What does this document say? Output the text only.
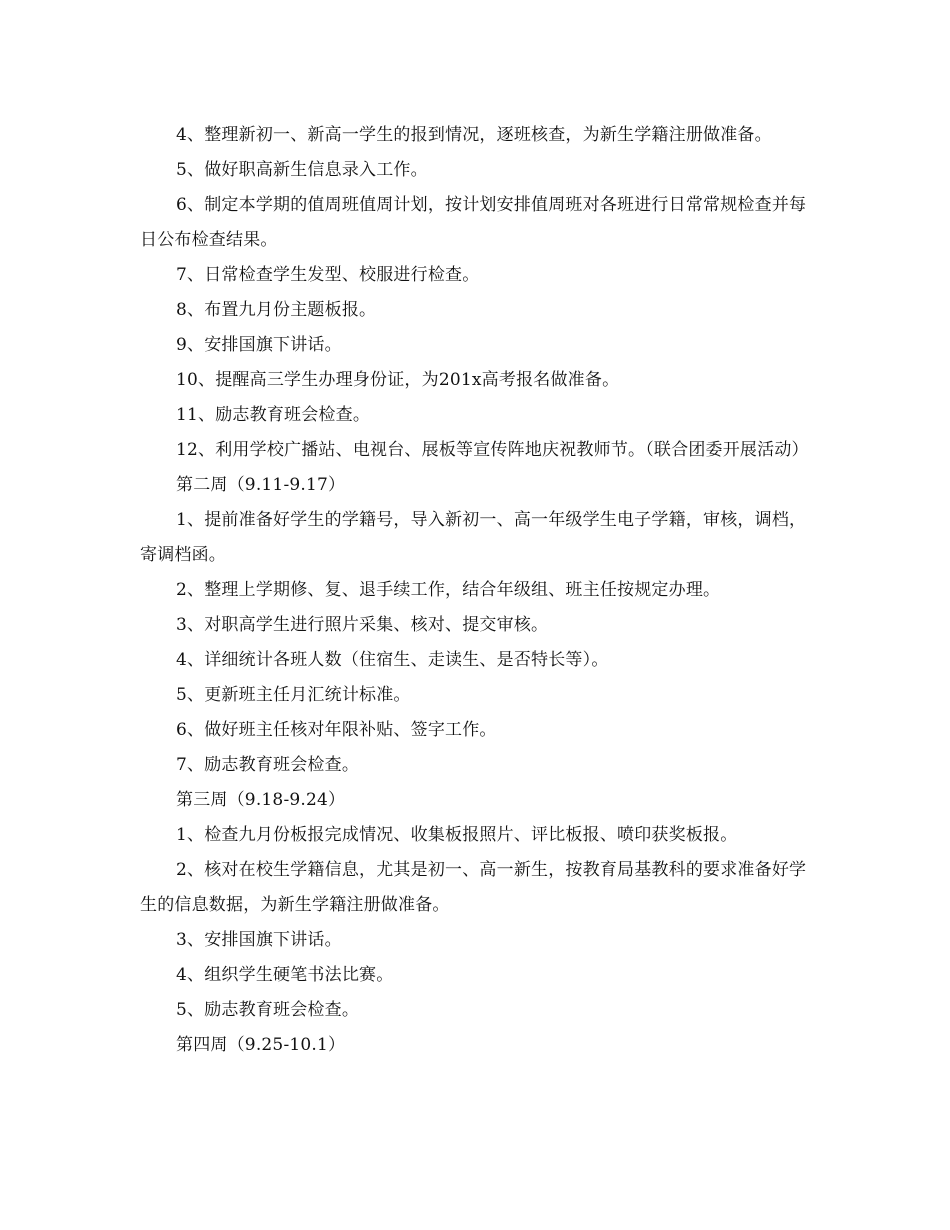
4、整理新初一、新高一学生的报到情况，逐班核查，为新生学籍注册做准备。

5、做好职高新生信息录入工作。

6、制定本学期的值周班值周计划，按计划安排值周班对各班进行日常常规检查并每日公布检查结果。

7、日常检查学生发型、校服进行检查。

8、布置九月份主题板报。

9、安排国旗下讲话。

10、提醒高三学生办理身份证，为201x高考报名做准备。

11、励志教育班会检查。

12、利用学校广播站、电视台、展板等宣传阵地庆祝教师节。（联合团委开展活动）

第二周（9.11-9.17）

1、提前准备好学生的学籍号，导入新初一、高一年级学生电子学籍，审核，调档，寄调档函。

2、整理上学期修、复、退手续工作，结合年级组、班主任按规定办理。

3、对职高学生进行照片采集、核对、提交审核。

4、详细统计各班人数（住宿生、走读生、是否特长等）。

5、更新班主任月汇统计标准。

6、做好班主任核对年限补贴、签字工作。

7、励志教育班会检查。

第三周（9.18-9.24）

1、检查九月份板报完成情况、收集板报照片、评比板报、喷印获奖板报。

2、核对在校生学籍信息，尤其是初一、高一新生，按教育局基教科的要求准备好学生的信息数据，为新生学籍注册做准备。

3、安排国旗下讲话。

4、组织学生硬笔书法比赛。

5、励志教育班会检查。

第四周（9.25-10.1）
